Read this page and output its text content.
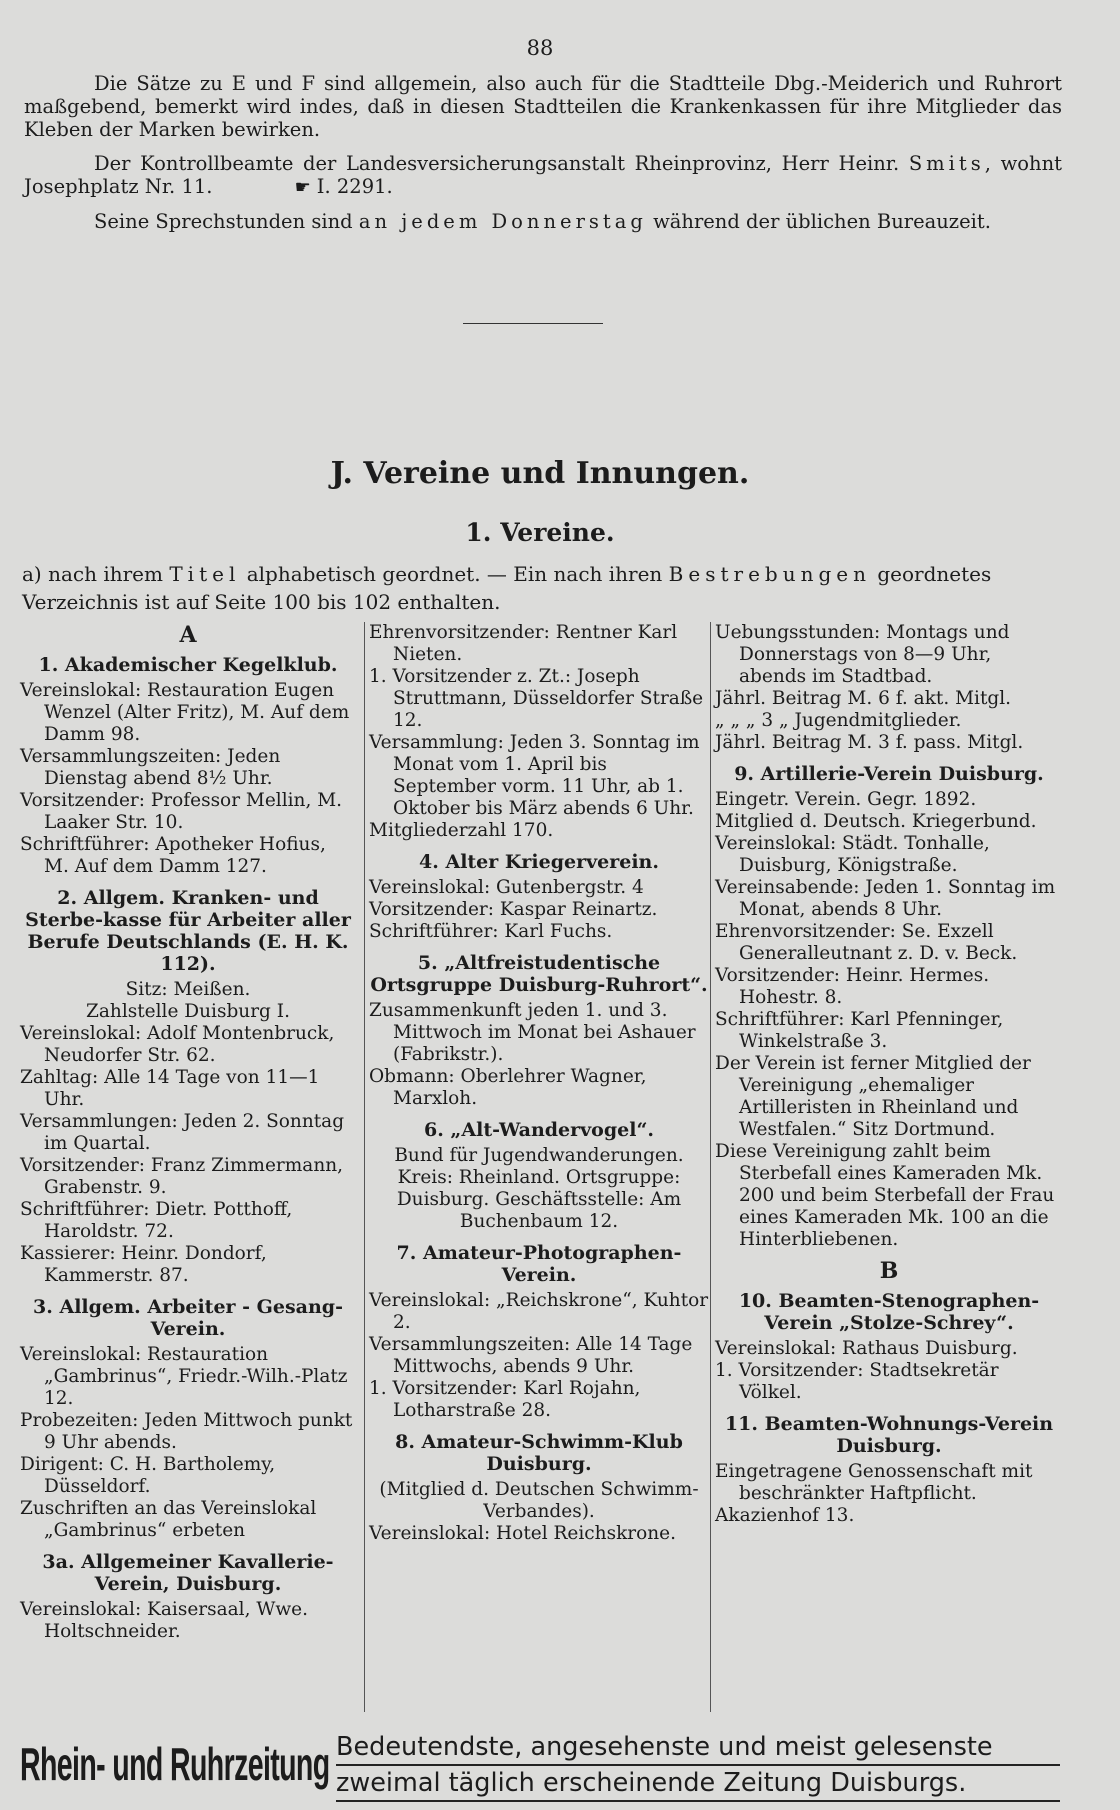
88

Die Sätze zu E und F sind allgemein, also auch für die Stadtteile Dbg.-Meiderich und Ruhrort maßgebend, bemerkt wird indes, daß in diesen Stadtteilen die Krankenkassen für ihre Mitglieder das Kleben der Marken bewirken.

Der Kontrollbeamte der Landesversicherungsanstalt Rheinprovinz, Herr Heinr. Smits, wohnt Josephplatz Nr. 11.	☛ I. 2291.

Seine Sprechstunden sind an jedem Donnerstag während der üblichen Bureauzeit.

J. Vereine und Innungen.
1. Vereine.
a) nach ihrem Titel alphabetisch geordnet. — Ein nach ihren Bestrebungen geordnetes Verzeichnis ist auf Seite 100 bis 102 enthalten.
A
1. Akademischer Kegelklub.

Vereinslokal: Restauration Eugen Wenzel (Alter Fritz), M. Auf dem Damm 98.

Versammlungszeiten: Jeden Dienstag abend 8½ Uhr.

Vorsitzender: Professor Mellin, M. Laaker Str. 10.

Schriftführer: Apotheker Hofius, M. Auf dem Damm 127.

2. Allgem. Kranken- und Sterbe-kasse für Arbeiter aller Berufe Deutschlands (E. H. K. 112).

Sitz: Meißen.

Zahlstelle Duisburg I.

Vereinslokal: Adolf Montenbruck, Neudorfer Str. 62.

Zahltag: Alle 14 Tage von 11—1 Uhr.

Versammlungen: Jeden 2. Sonntag im Quartal.

Vorsitzender: Franz Zimmermann, Grabenstr. 9.

Schriftführer: Dietr. Potthoff, Haroldstr. 72.

Kassierer: Heinr. Dondorf, Kammerstr. 87.

3. Allgem. Arbeiter - Gesang-Verein.

Vereinslokal: Restauration „Gambrinus“, Friedr.-Wilh.-Platz 12.

Probezeiten: Jeden Mittwoch punkt 9 Uhr abends.

Dirigent: C. H. Bartholemy, Düsseldorf.

Zuschriften an das Vereinslokal „Gambrinus“ erbeten

3a. Allgemeiner Kavallerie-Verein, Duisburg.

Vereinslokal: Kaisersaal, Wwe. Holtschneider.

Ehrenvorsitzender: Rentner Karl Nieten.

1. Vorsitzender z. Zt.: Joseph Struttmann, Düsseldorfer Straße 12.

Versammlung: Jeden 3. Sonntag im Monat vom 1. April bis September vorm. 11 Uhr, ab 1. Oktober bis März abends 6 Uhr.

Mitgliederzahl 170.

4. Alter Kriegerverein.

Vereinslokal: Gutenbergstr. 4

Vorsitzender: Kaspar Reinartz.

Schriftführer: Karl Fuchs.

5. „Altfreistudentische Ortsgruppe Duisburg-Ruhrort“.

Zusammenkunft jeden 1. und 3. Mittwoch im Monat bei Ashauer (Fabrikstr.).

Obmann: Oberlehrer Wagner, Marxloh.

6. „Alt-Wandervogel“.

Bund für Jugendwanderungen. Kreis: Rheinland. Ortsgruppe: Duisburg. Geschäftsstelle: Am Buchenbaum 12.

7. Amateur-Photographen-Verein.

Vereinslokal: „Reichskrone“, Kuhtor 2.

Versammlungszeiten: Alle 14 Tage Mittwochs, abends 9 Uhr.

1. Vorsitzender: Karl Rojahn, Lotharstraße 28.

8. Amateur-Schwimm-Klub Duisburg.

(Mitglied d. Deutschen Schwimm-Verbandes).

Vereinslokal: Hotel Reichskrone.

Uebungsstunden: Montags und Donnerstags von 8—9 Uhr, abends im Stadtbad.

Jährl. Beitrag M. 6 f. akt. Mitgl.

„ „ „ 3 „ Jugendmitglieder.

Jährl. Beitrag M. 3 f. pass. Mitgl.

9. Artillerie-Verein Duisburg.

Eingetr. Verein. Gegr. 1892.

Mitglied d. Deutsch. Kriegerbund.

Vereinslokal: Städt. Tonhalle, Duisburg, Königstraße.

Vereinsabende: Jeden 1. Sonntag im Monat, abends 8 Uhr.

Ehrenvorsitzender: Se. Exzell Generalleutnant z. D. v. Beck.

Vorsitzender: Heinr. Hermes. Hohestr. 8.

Schriftführer: Karl Pfenninger, Winkelstraße 3.

Der Verein ist ferner Mitglied der Vereinigung „ehemaliger Artilleristen in Rheinland und Westfalen.“ Sitz Dortmund.

Diese Vereinigung zahlt beim Sterbefall eines Kameraden Mk. 200 und beim Sterbefall der Frau eines Kameraden Mk. 100 an die Hinterbliebenen.

B
10. Beamten-Stenographen-Verein „Stolze-Schrey“.

Vereinslokal: Rathaus Duisburg.

1. Vorsitzender: Stadtsekretär Völkel.

11. Beamten-Wohnungs-Verein Duisburg.

Eingetragene Genossenschaft mit beschränkter Haftpflicht.

Akazienhof 13.

Rhein- und Ruhrzeitung Bedeutendste, angesehenste und meist gelesenste
zweimal täglich erscheinende Zeitung Duisburgs.
